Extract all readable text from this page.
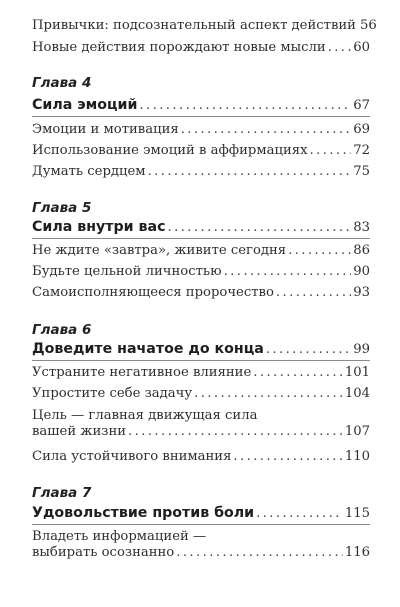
Привычки: подсознательный аспект действий 56
Новые действия порождают новые мысли ..... 60
Глава 4
Сила эмоций .....	67
Эмоции и мотивация .....	69
Использование эмоций в аффирмациях .....	72
Думать сердцем .....	75
Глава 5
Сила внутри вас .....	83
Не ждите «завтра», живите сегодня .....	86
Будьте цельной личностью .....	90
Самоисполняющееся пророчество .....	93
Глава 6
Доведите начатое до конца .....	99
Устраните негативное влияние .....	101
Упростите себе задачу .....	104
Цель — главная движущая сила
вашей жизни .....	107
Сила устойчивого внимания .....	110
Глава 7
Удовольствие против боли .....	115
Владеть информацией —
выбирать осознанно .....	116
